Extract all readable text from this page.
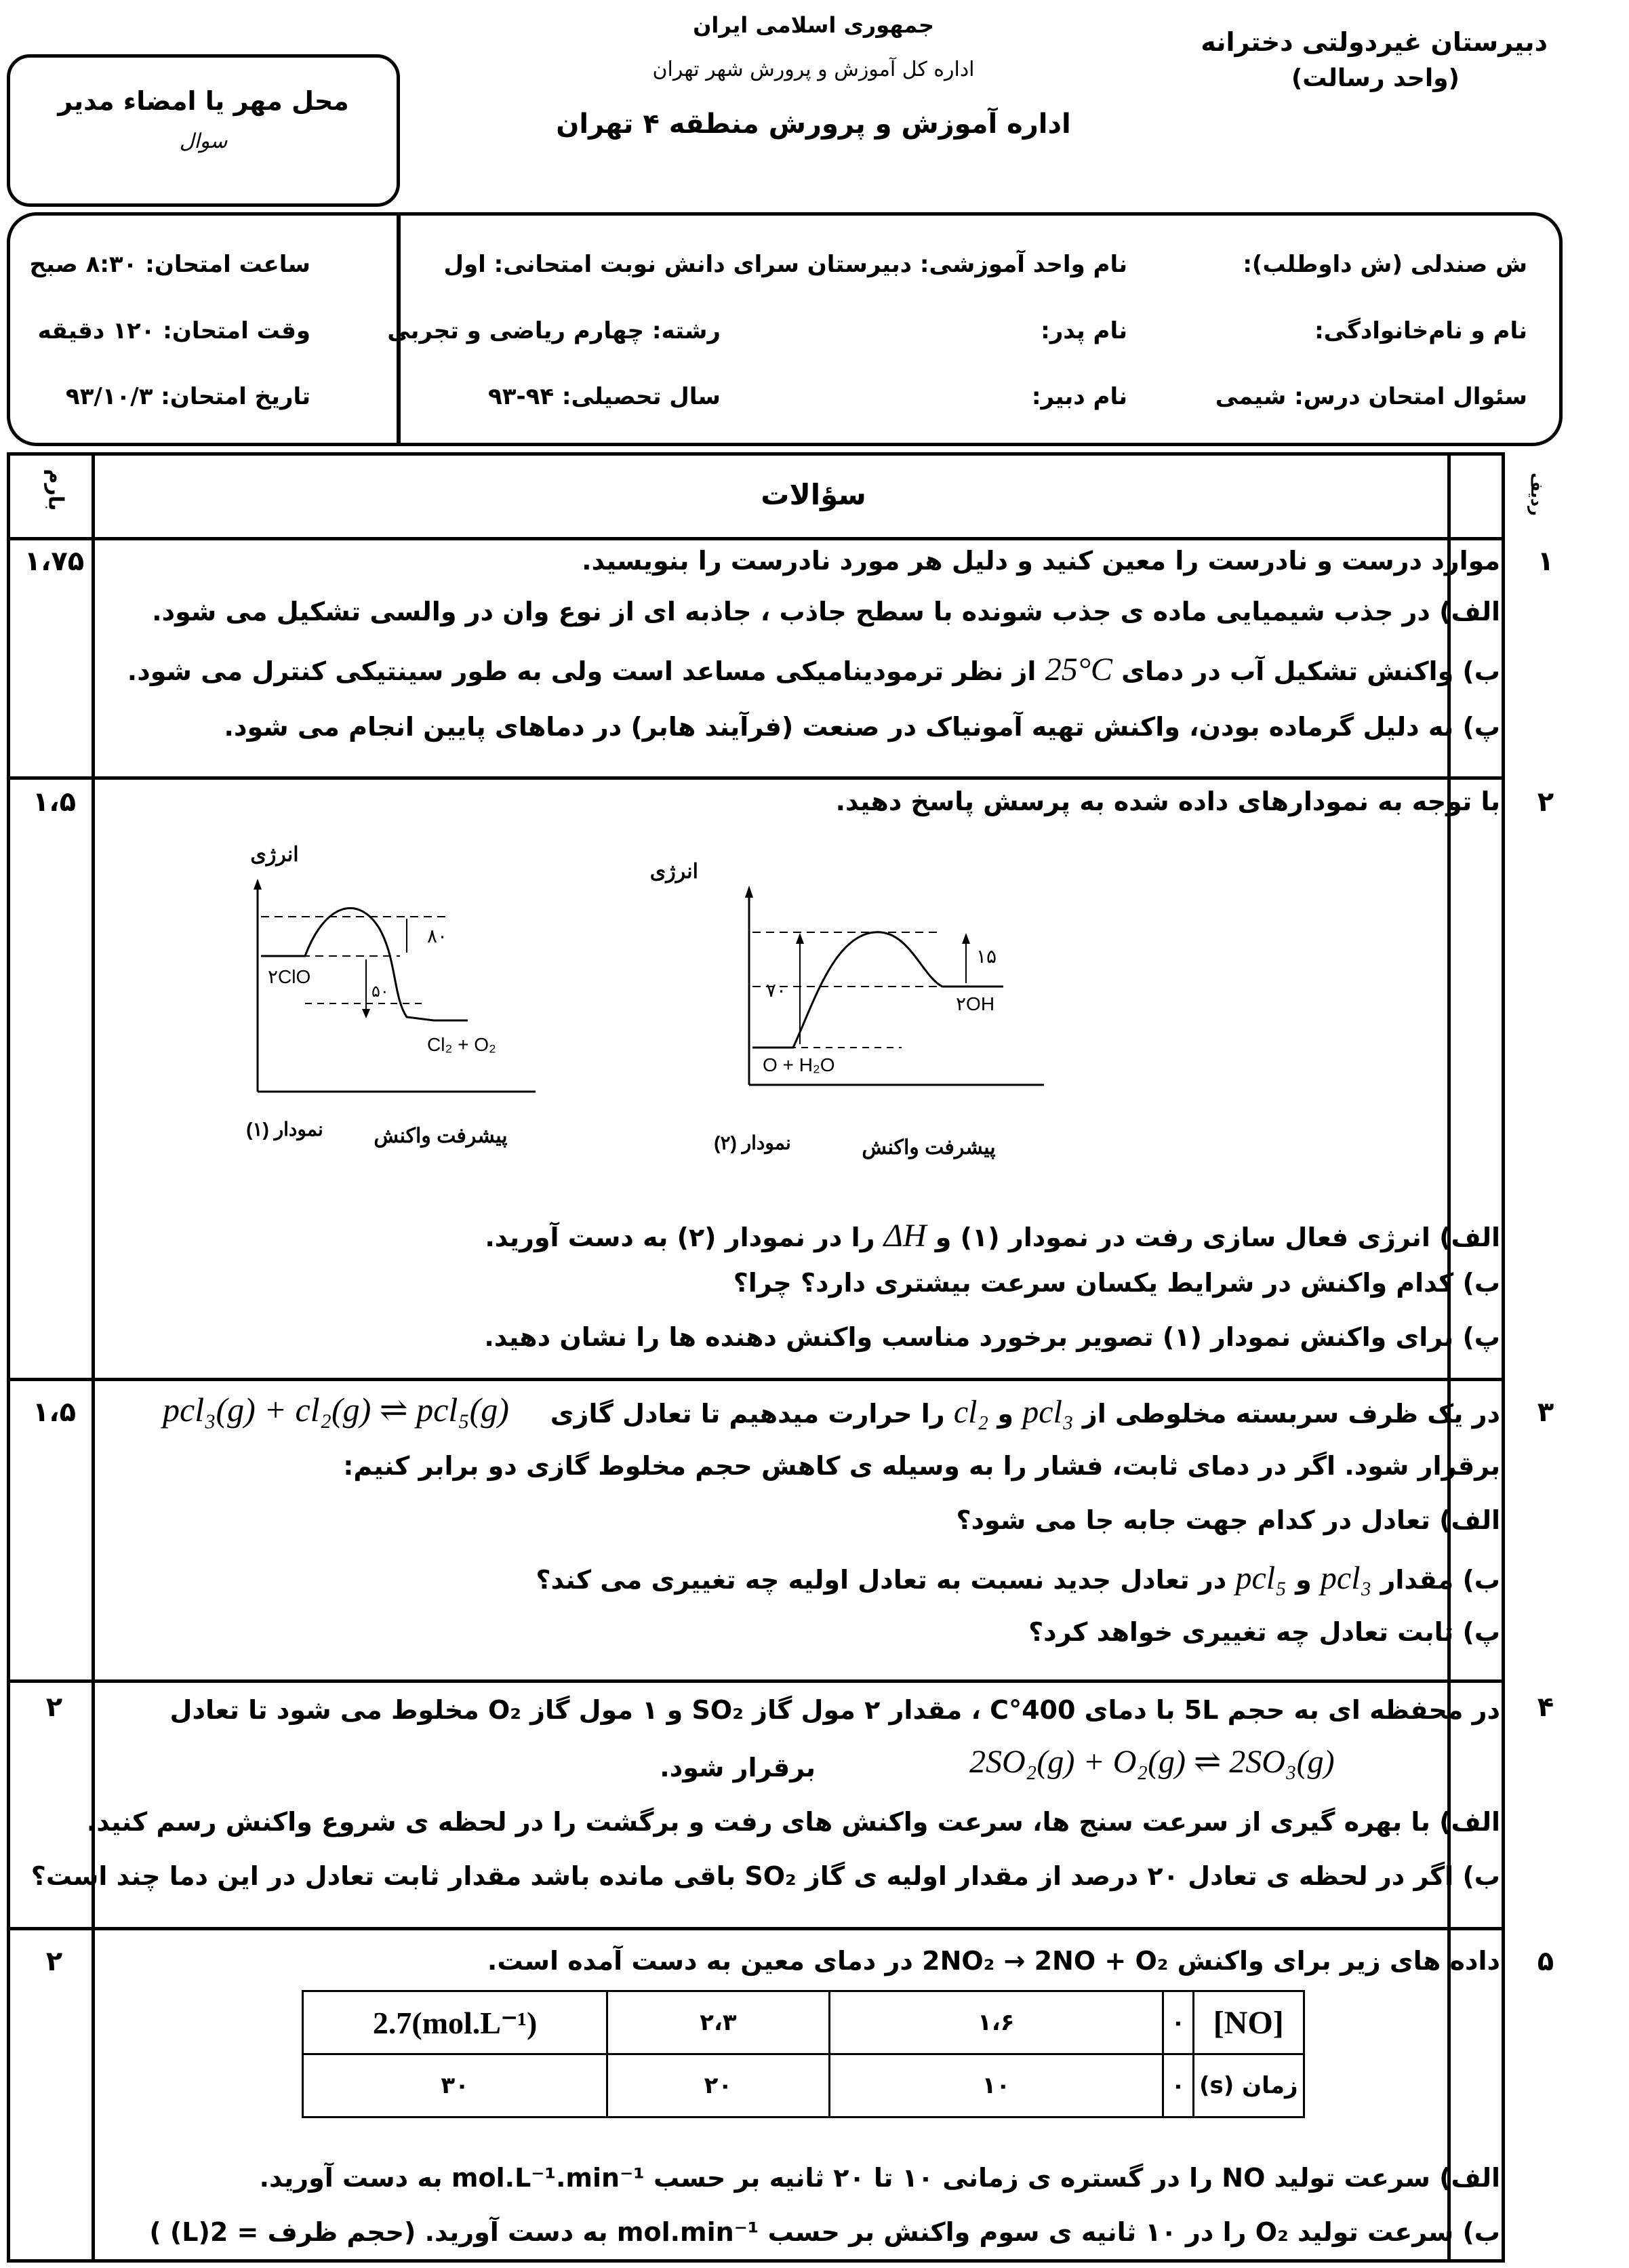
دبیرستان غیردولتی دخترانه
(واحد رسالت)
جمهوری اسلامی ایران
اداره کل آموزش و پرورش شهر تهران
اداره آموزش و پرورش منطقه ۴ تهران
محل مهر یا امضاء مدیر
سوال
ش صندلی (ش داوطلب):
نام و نام‌خانوادگی:
سئوال امتحان درس: شیمی
نام واحد آموزشی: دبیرستان سرای دانش نوبت امتحانی: اول
نام پدر:
رشته: چهارم ریاضی و تجربی
نام دبیر:
سال تحصیلی: ۹۴-۹۳
ساعت امتحان: ۸:۳۰ صبح
وقت امتحان: ۱۲۰ دقیقه
تاریخ امتحان: ۹۳/۱۰/۳
بارم	سؤالات	ردیف
۱
۱،۷۵	موارد درست و نادرست را معین کنید و دلیل هر مورد نادرست را بنویسید.
الف) در جذب شیمیایی ماده ی جذب شونده با سطح جاذب ، جاذبه ای از نوع وان در والسی تشکیل می شود.
ب) واکنش تشکیل آب در دمای 25°C از نظر ترمودینامیکی مساعد است ولی به طور سینتیکی کنترل می شود.
پ) به دلیل گرماده بودن، واکنش تهیه آمونیاک در صنعت (فرآیند هابر) در دماهای پایین انجام می شود.
۲
۱،۵	با توجه به نمودارهای داده شده به پرسش پاسخ دهید.
انرژی
۸۰
۵۰
۲ClO
Cl₂ + O₂
نمودار (۱) پیشرفت واکنش
انرژی
۷۰
۱۵
O + H₂O
۲OH
نمودار (۲)	پیشرفت واکنش
الف) انرژی فعال سازی رفت در نمودار (۱) و ΔH را در نمودار (۲) به دست آورید.
ب) کدام واکنش در شرایط یکسان سرعت بیشتری دارد؟ چرا؟
پ) برای واکنش نمودار (۱) تصویر برخورد مناسب واکنش دهنده ها را نشان دهید.
۳
۱،۵	در یک ظرف سربسته مخلوطی از pcl₃ و cl₂ را حرارت میدهیم تا تعادل گازی
pcl₃(g) + cl₂(g) ⇌ pcl₅(g)
برقرار شود. اگر در دمای ثابت، فشار را به وسیله ی کاهش حجم مخلوط گازی دو برابر کنیم:
الف) تعادل در کدام جهت جابه جا می شود؟
ب) مقدار pcl₃ و pcl₅ در تعادل جدید نسبت به تعادل اولیه چه تغییری می کند؟
پ) ثابت تعادل چه تغییری خواهد کرد؟
۴
۲	در محفظه ای به حجم 5L با دمای 400°C ، مقدار ۲ مول گاز SO₂ و ۱ مول گاز O₂ مخلوط می شود تا تعادل
2SO₂(g) + O₂(g) ⇌ 2SO₃(g)
برقرار شود.
الف) با بهره گیری از سرعت سنج ها، سرعت واکنش های رفت و برگشت را در لحظه ی شروع واکنش رسم کنید.
ب) اگر در لحظه ی تعادل ۲۰ درصد از مقدار اولیه ی گاز SO₂ باقی مانده باشد مقدار ثابت تعادل در این دما چند است؟
۵
۲	داده های زیر برای واکنش 2NO₂ → 2NO + O₂ در دمای معین به دست آمده است.
[NO]	۰	۱،۶	۲،۳	2.7(mol.L⁻¹)
زمان (s)	۰	۱۰	۲۰	۳۰
الف) سرعت تولید NO را در گستره ی زمانی ۱۰ تا ۲۰ ثانیه بر حسب mol.L⁻¹.min⁻¹ به دست آورید.
ب) سرعت تولید O₂ را در ۱۰ ثانیه ی سوم واکنش بر حسب mol.min⁻¹ به دست آورید. (حجم ظرف = 2(L) )
